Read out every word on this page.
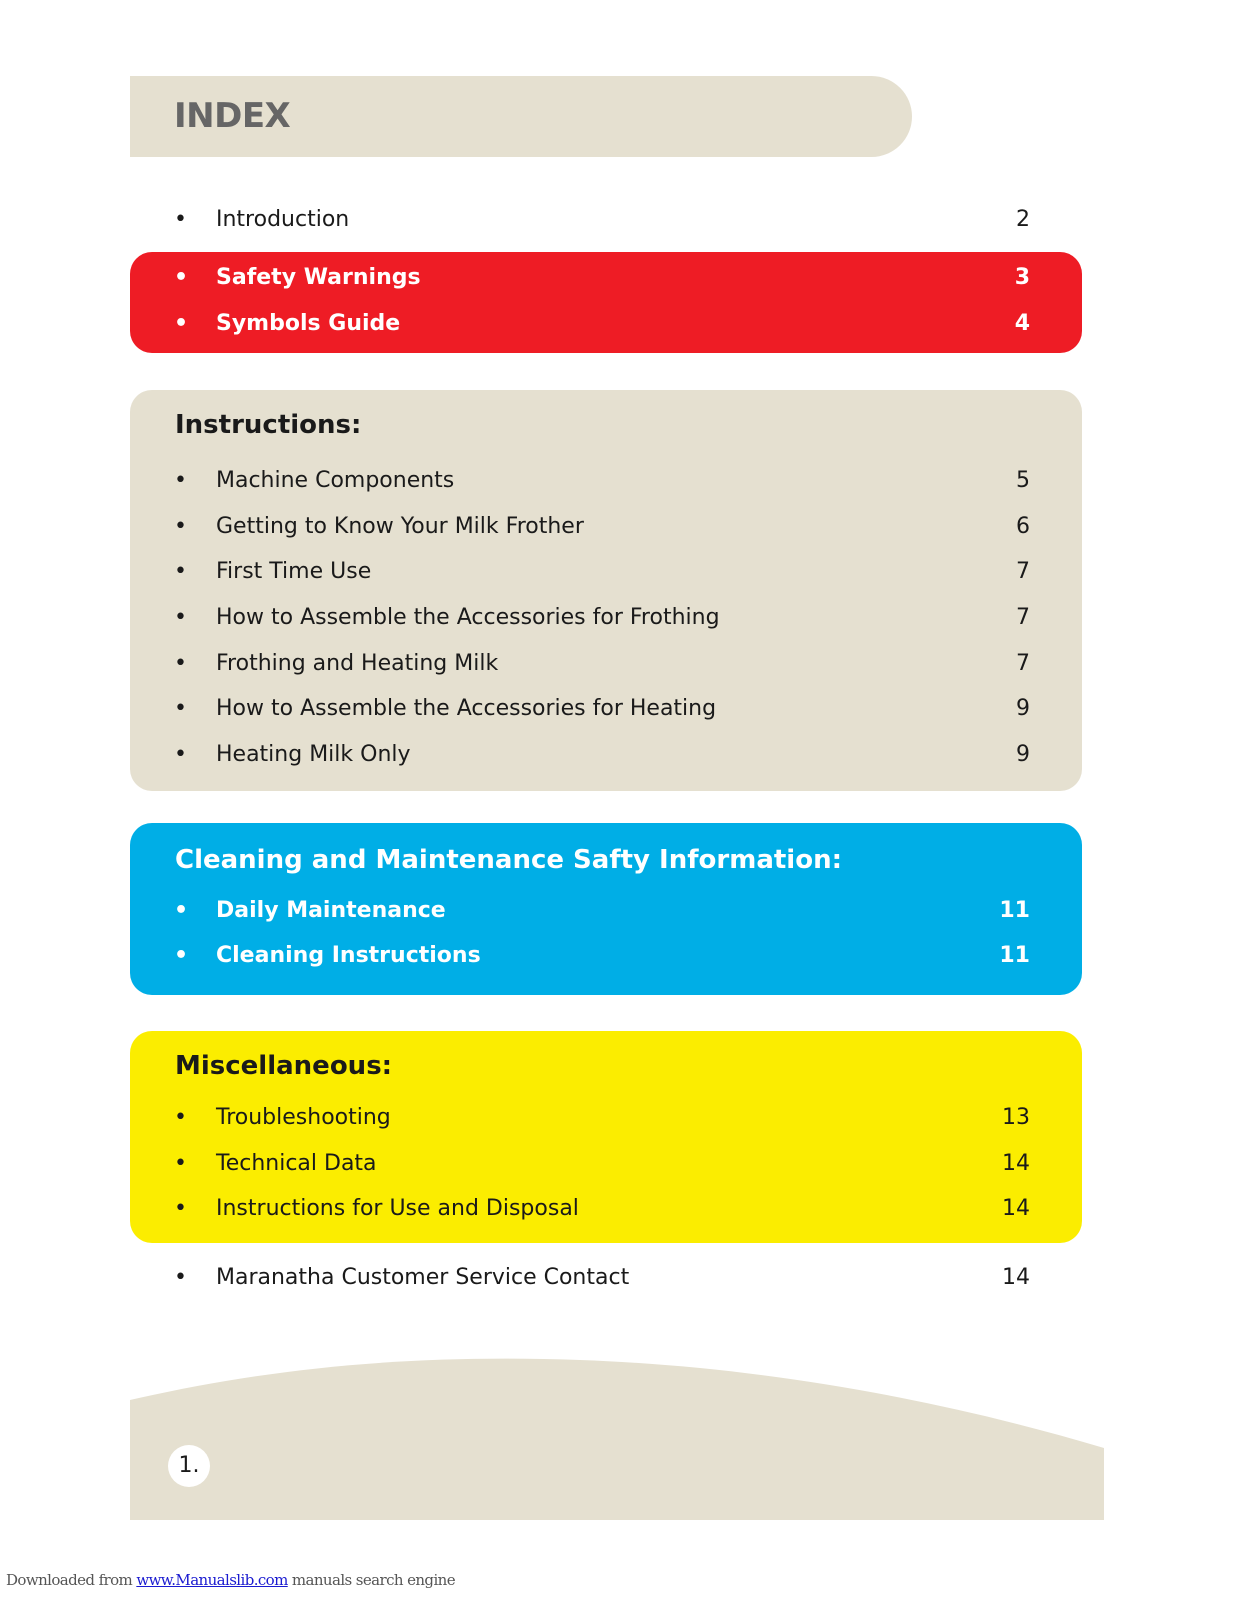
INDEX
• Introduction	2
• Safety Warnings	3
• Symbols Guide	4
Instructions:
• Machine Components	5
• Getting to Know Your Milk Frother	6
• First Time Use	7
• How to Assemble the Accessories for Frothing	7
• Frothing and Heating Milk	7
• How to Assemble the Accessories for Heating	9
• Heating Milk Only	9
Cleaning and Maintenance Safty Information:
• Daily Maintenance	11
• Cleaning Instructions	11
Miscellaneous:
• Troubleshooting	13
• Technical Data	14
• Instructions for Use and Disposal	14
• Maranatha Customer Service Contact	14
1.
Downloaded from www.Manualslib.com manuals search engine
